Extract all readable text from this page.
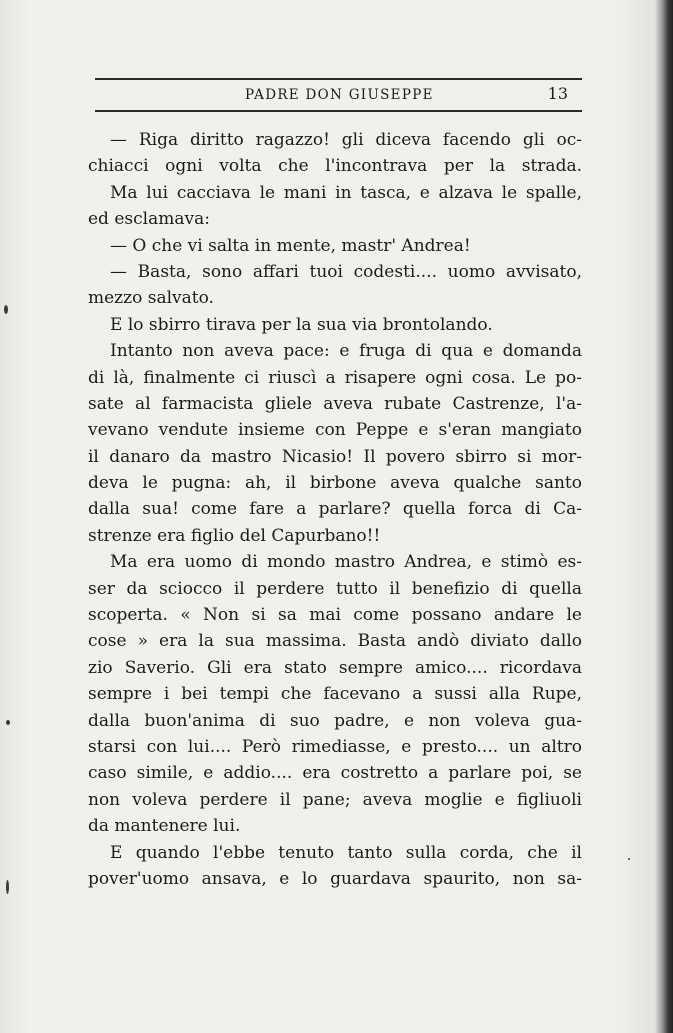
PADRE DON GIUSEPPE	13
— Riga diritto ragazzo! gli diceva facendo gli oc-
chiacci ogni volta che l'incontrava per la strada.
Ma lui cacciava le mani in tasca, e alzava le spalle,
ed esclamava:
— O che vi salta in mente, mastr' Andrea!
— Basta, sono affari tuoi codesti.... uomo avvisato,
mezzo salvato.
E lo sbirro tirava per la sua via brontolando.
Intanto non aveva pace: e fruga di qua e domanda
di là, finalmente ci riuscì a risapere ogni cosa. Le po-
sate al farmacista gliele aveva rubate Castrenze, l'a-
vevano vendute insieme con Peppe e s'eran mangiato
il danaro da mastro Nicasio! Il povero sbirro si mor-
deva le pugna: ah, il birbone aveva qualche santo
dalla sua! come fare a parlare? quella forca di Ca-
strenze era figlio del Capurbano!!
Ma era uomo di mondo mastro Andrea, e stimò es-
ser da sciocco il perdere tutto il benefizio di quella
scoperta. « Non si sa mai come possano andare le
cose » era la sua massima. Basta andò diviato dallo
zio Saverio. Gli era stato sempre amico.... ricordava
sempre i bei tempi che facevano a sussi alla Rupe,
dalla buon'anima di suo padre, e non voleva gua-
starsi con lui.... Però rimediasse, e presto.... un altro
caso simile, e addio.... era costretto a parlare poi, se
non voleva perdere il pane; aveva moglie e figliuoli
da mantenere lui.
E quando l'ebbe tenuto tanto sulla corda, che il
pover'uomo ansava, e lo guardava spaurito, non sa-
